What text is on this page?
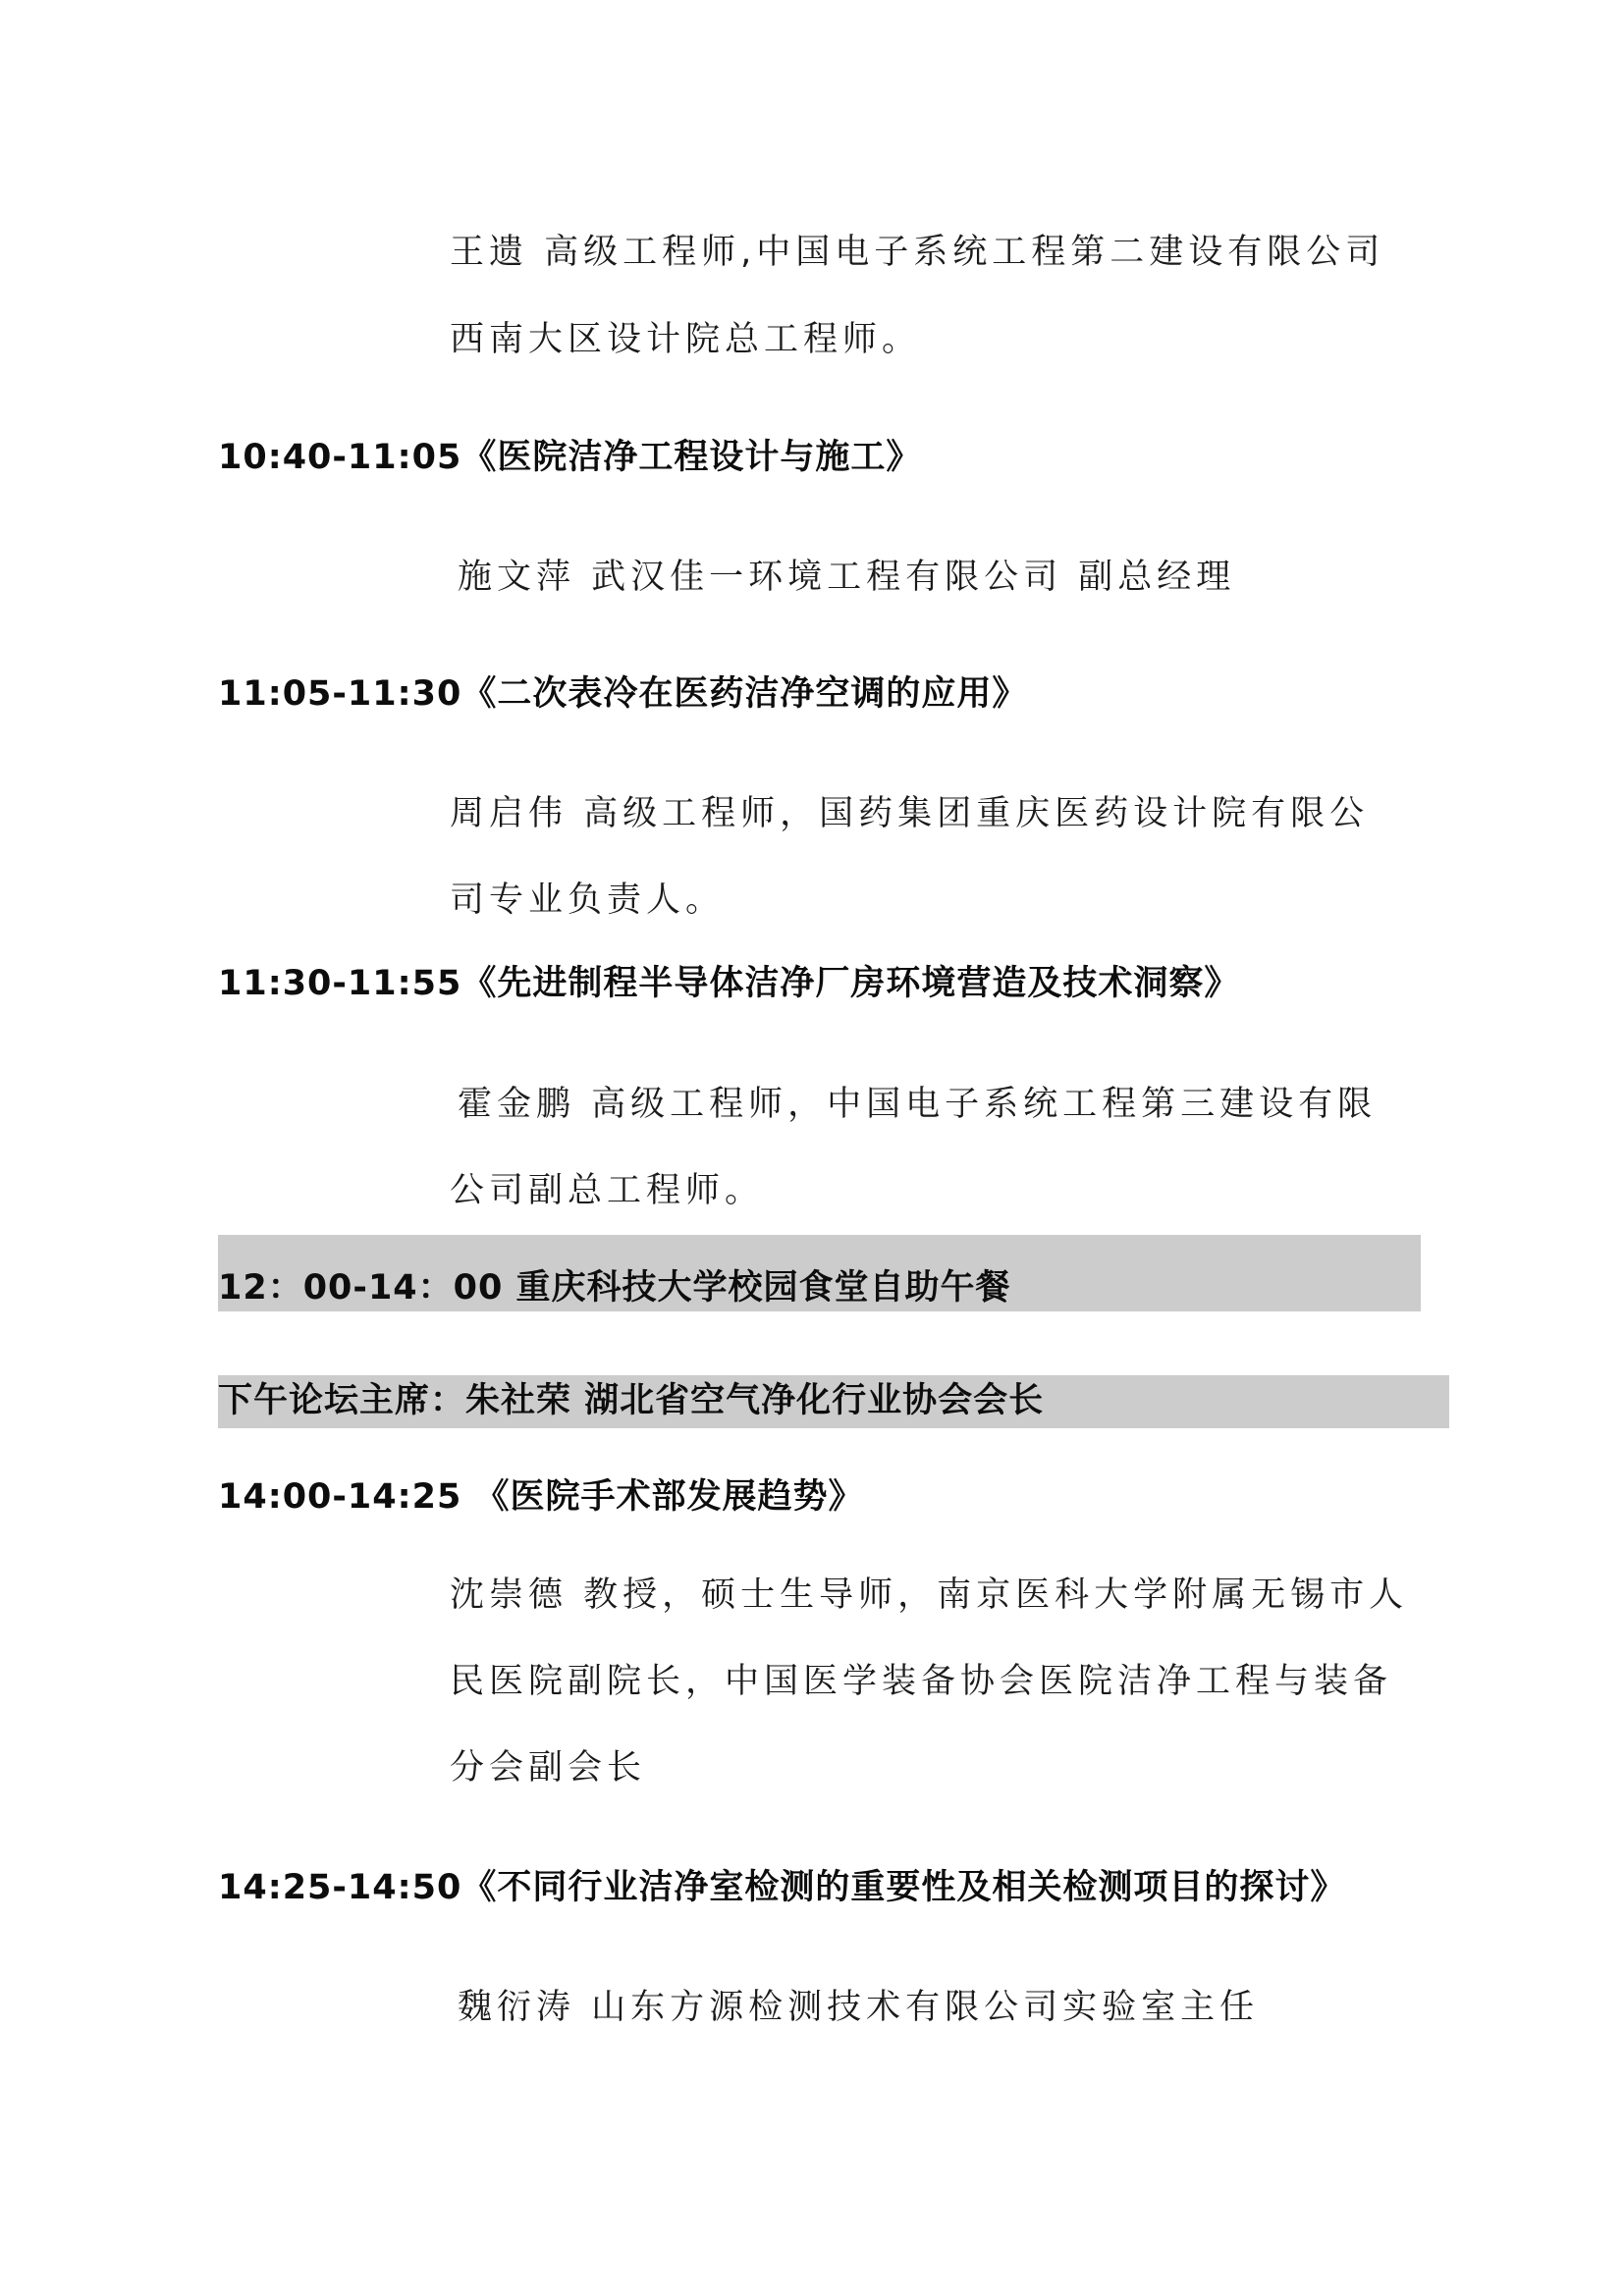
王遗 高级工程师,中国电子系统工程第二建设有限公司
西南大区设计院总工程师。
10:40-11:05《医院洁净工程设计与施工》
施文萍 武汉佳一环境工程有限公司 副总经理
11:05-11:30《二次表冷在医药洁净空调的应用》
周启伟 高级工程师，国药集团重庆医药设计院有限公
司专业负责人。
11:30-11:55《先进制程半导体洁净厂房环境营造及技术洞察》
霍金鹏 高级工程师，中国电子系统工程第三建设有限
公司副总工程师。
12：00-14：00 重庆科技大学校园食堂自助午餐
下午论坛主席：朱社荣 湖北省空气净化行业协会会长
14:00-14:25 《医院手术部发展趋势》
沈崇德 教授，硕士生导师，南京医科大学附属无锡市人
民医院副院长，中国医学装备协会医院洁净工程与装备
分会副会长
14:25-14:50《不同行业洁净室检测的重要性及相关检测项目的探讨》
魏衍涛 山东方源检测技术有限公司实验室主任
